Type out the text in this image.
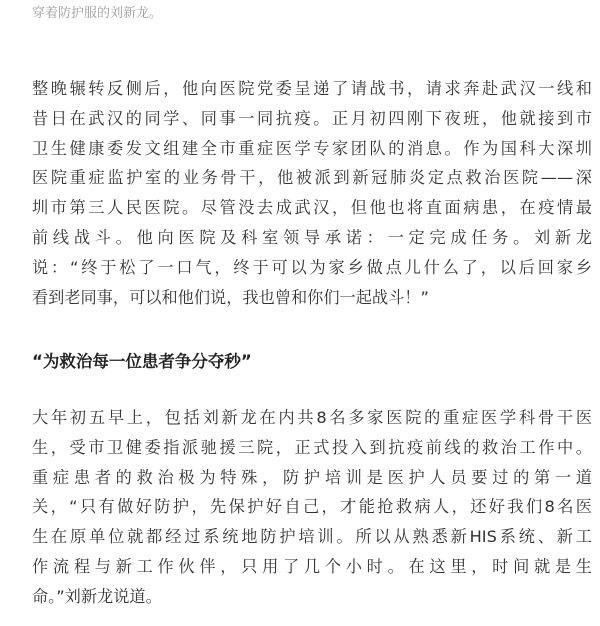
穿着防护服的刘新龙。
整晚辗转反侧后，他向医院党委呈递了请战书，请求奔赴武汉一线和
昔日在武汉的同学、同事一同抗疫。正月初四刚下夜班，他就接到市
卫生健康委发文组建全市重症医学专家团队的消息。作为国科大深圳
医院重症监护室的业务骨干，他被派到新冠肺炎定点救治医院——深
圳市第三人民医院。尽管没去成武汉，但他也将直面病患，在疫情最
前线战斗。他向医院及科室领导承诺：一定完成任务。刘新龙
说：“终于松了一口气，终于可以为家乡做点儿什么了，以后回家乡
看到老同事，可以和他们说，我也曾和你们一起战斗！”
“为救治每一位患者争分夺秒”
大年初五早上，包括刘新龙在内共8名多家医院的重症医学科骨干医
生，受市卫健委指派驰援三院，正式投入到抗疫前线的救治工作中。
重症患者的救治极为特殊，防护培训是医护人员要过的第一道
关，“只有做好防护，先保护好自己，才能抢救病人，还好我们8名医
生在原单位就都经过系统地防护培训。所以从熟悉新HIS系统、新工
作流程与新工作伙伴，只用了几个小时。在这里，时间就是生
命。”刘新龙说道。
